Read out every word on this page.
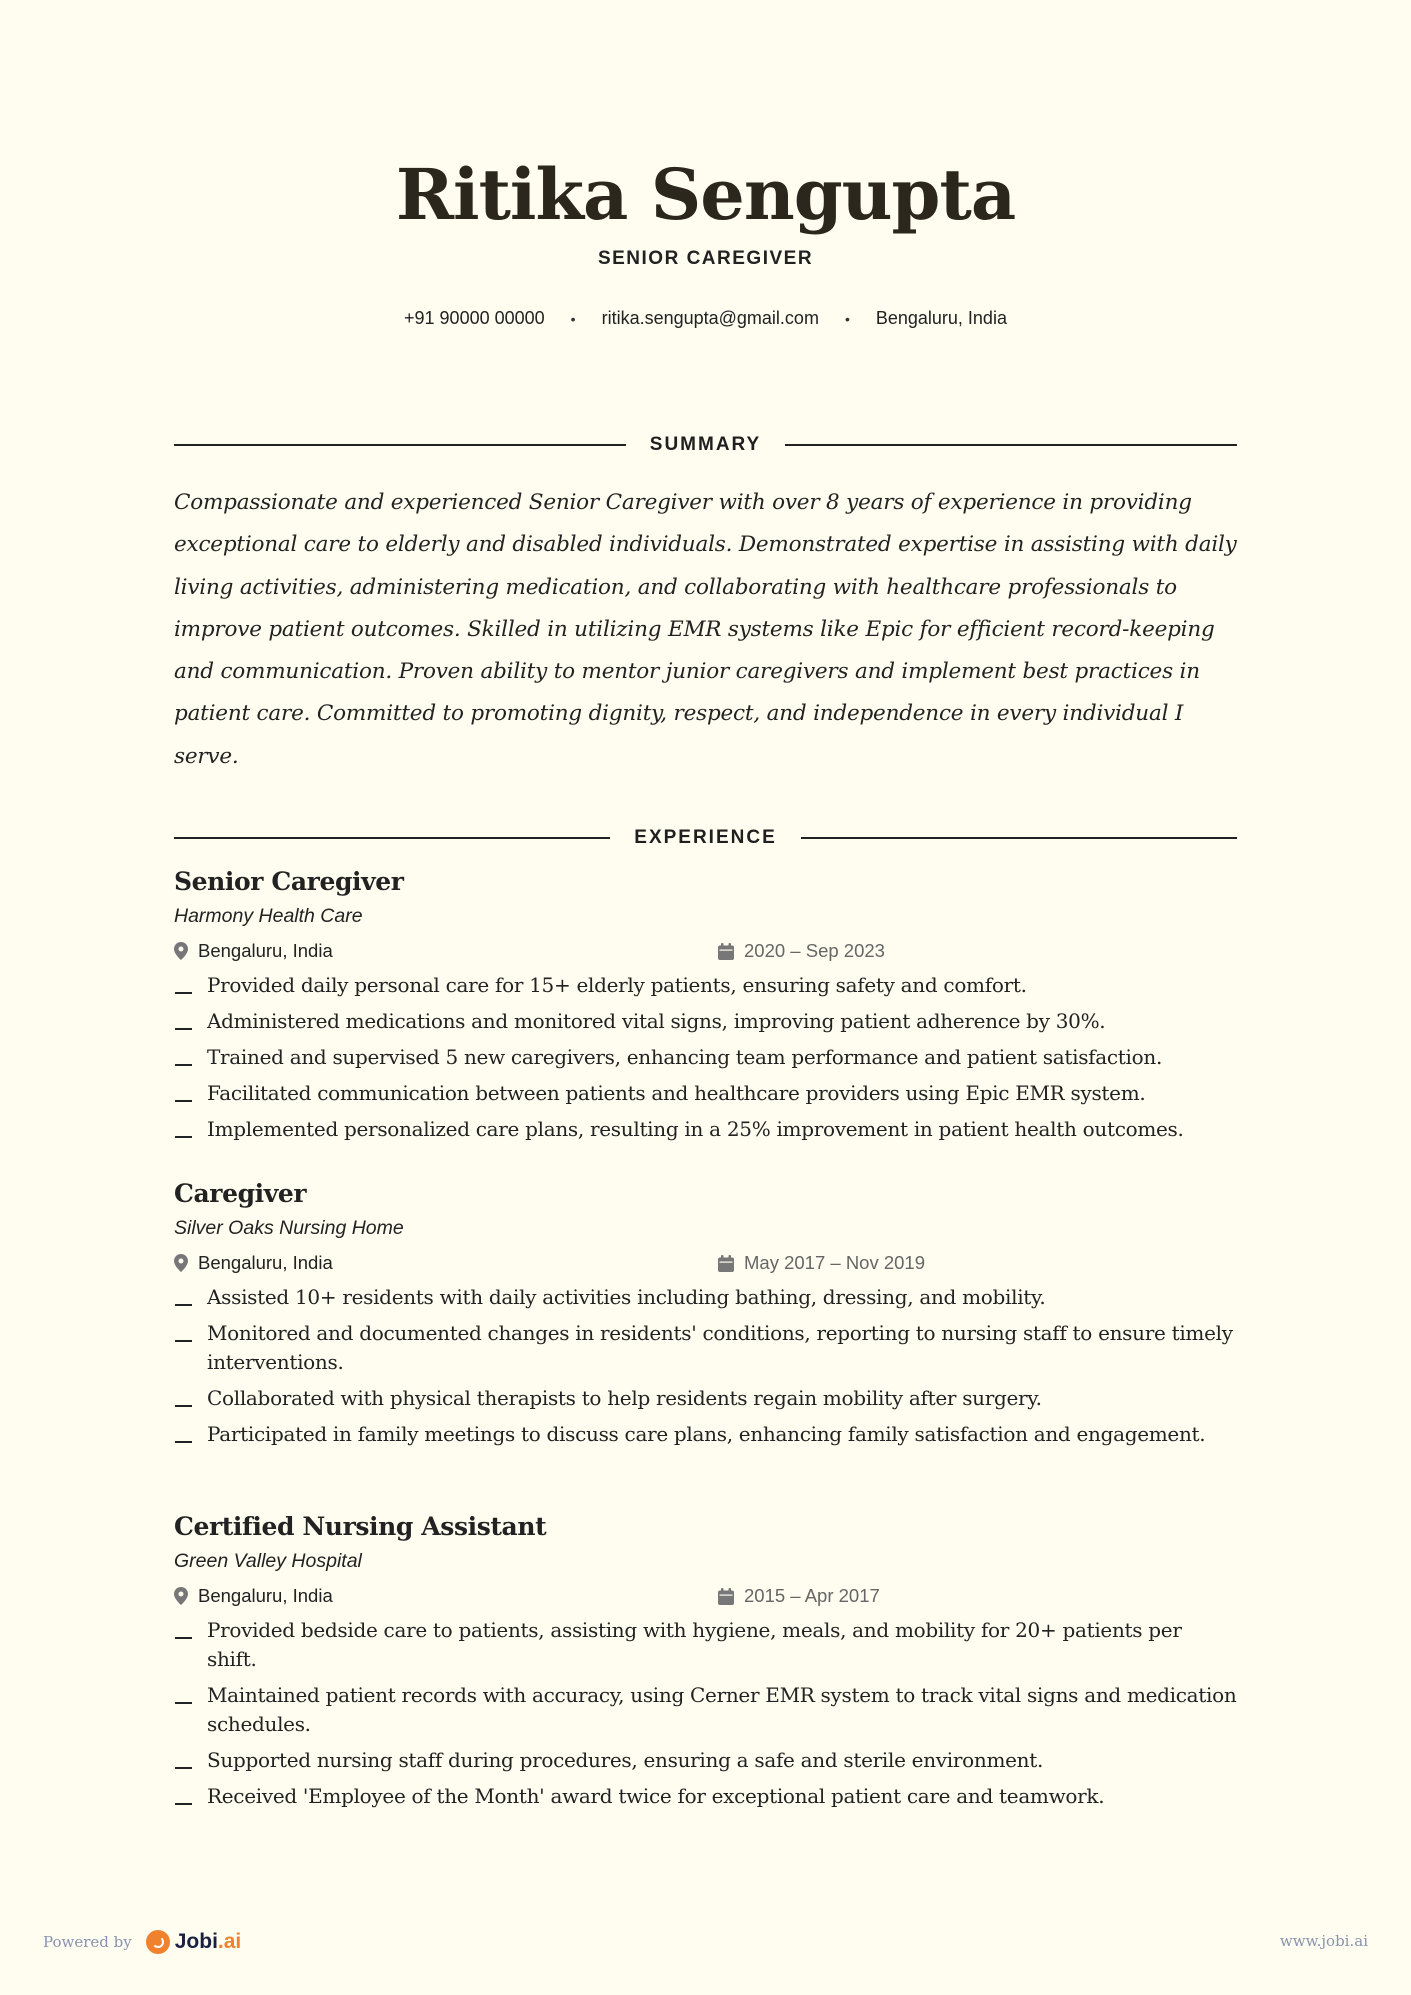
Ritika Sengupta
SENIOR CAREGIVER
+91 90000 00000 • ritika.sengupta@gmail.com • Bengaluru, India
SUMMARY
Compassionate and experienced Senior Caregiver with over 8 years of experience in providing exceptional care to elderly and disabled individuals. Demonstrated expertise in assisting with daily living activities, administering medication, and collaborating with healthcare professionals to improve patient outcomes. Skilled in utilizing EMR systems like Epic for efficient record-keeping and communication. Proven ability to mentor junior caregivers and implement best practices in patient care. Committed to promoting dignity, respect, and independence in every individual I serve.
EXPERIENCE
Senior Caregiver
Harmony Health Care
Bengaluru, India	2020 – Sep 2023
Provided daily personal care for 15+ elderly patients, ensuring safety and comfort.
Administered medications and monitored vital signs, improving patient adherence by 30%.
Trained and supervised 5 new caregivers, enhancing team performance and patient satisfaction.
Facilitated communication between patients and healthcare providers using Epic EMR system.
Implemented personalized care plans, resulting in a 25% improvement in patient health outcomes.
Caregiver
Silver Oaks Nursing Home
Bengaluru, India	May 2017 – Nov 2019
Assisted 10+ residents with daily activities including bathing, dressing, and mobility.
Monitored and documented changes in residents' conditions, reporting to nursing staff to ensure timely interventions.
Collaborated with physical therapists to help residents regain mobility after surgery.
Participated in family meetings to discuss care plans, enhancing family satisfaction and engagement.
Certified Nursing Assistant
Green Valley Hospital
Bengaluru, India	2015 – Apr 2017
Provided bedside care to patients, assisting with hygiene, meals, and mobility for 20+ patients per shift.
Maintained patient records with accuracy, using Cerner EMR system to track vital signs and medication schedules.
Supported nursing staff during procedures, ensuring a safe and sterile environment.
Received 'Employee of the Month' award twice for exceptional patient care and teamwork.
Powered by Jobi .ai	www.jobi.ai
